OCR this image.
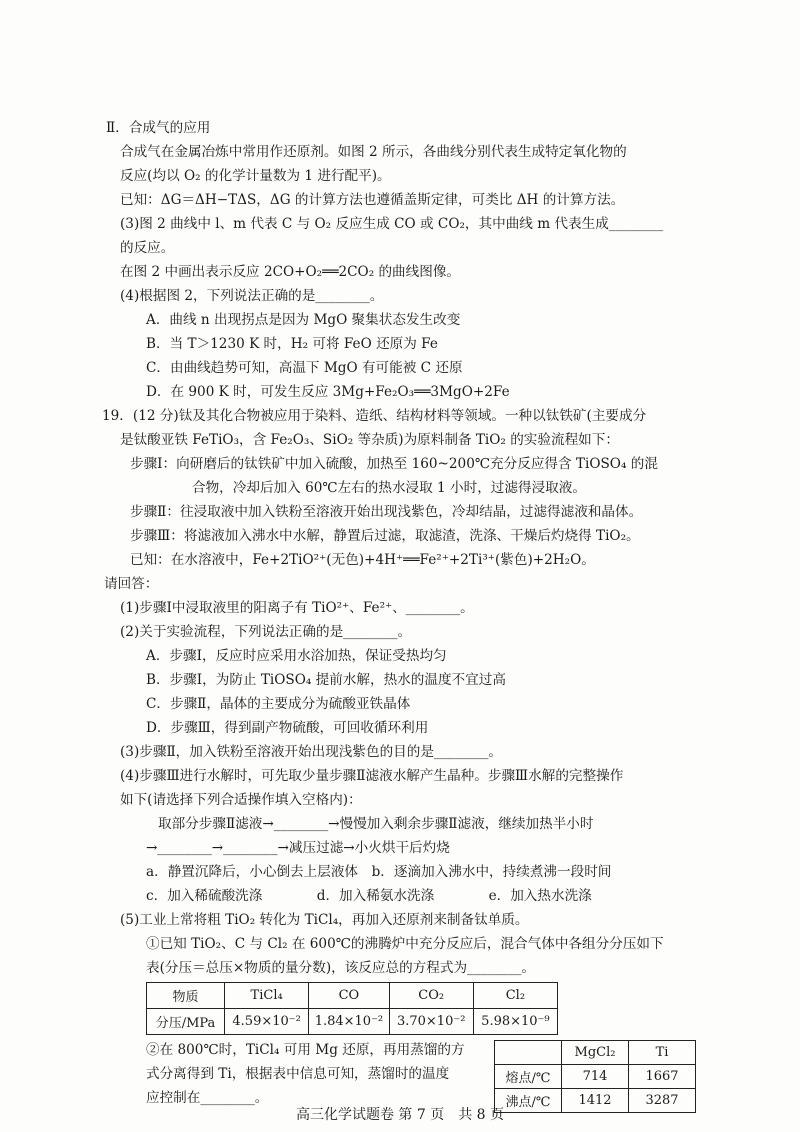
Ⅱ．合成气的应用
合成气在金属冶炼中常用作还原剂。如图 2 所示，各曲线分别代表生成特定氧化物的
反应(均以 O₂ 的化学计量数为 1 进行配平)。
已知：ΔG＝ΔH−TΔS，ΔG 的计算方法也遵循盖斯定律，可类比 ΔH 的计算方法。
(3)图 2 曲线中 l、m 代表 C 与 O₂ 反应生成 CO 或 CO₂，其中曲线 m 代表生成________
的反应。
在图 2 中画出表示反应 2CO+O₂══2CO₂ 的曲线图像。
(4)根据图 2，下列说法正确的是________。
A．曲线 n 出现拐点是因为 MgO 聚集状态发生改变
B．当 T＞1230 K 时，H₂ 可将 FeO 还原为 Fe
C．由曲线趋势可知，高温下 MgO 有可能被 C 还原
D．在 900 K 时，可发生反应 3Mg+Fe₂O₃══3MgO+2Fe
19．(12 分)钛及其化合物被应用于染料、造纸、结构材料等领域。一种以钛铁矿(主要成分
是钛酸亚铁 FeTiO₃，含 Fe₂O₃、SiO₂ 等杂质)为原料制备 TiO₂ 的实验流程如下：
步骤Ⅰ：向研磨后的钛铁矿中加入硫酸，加热至 160~200℃充分反应得含 TiOSO₄ 的混
合物，冷却后加入 60℃左右的热水浸取 1 小时，过滤得浸取液。
步骤Ⅱ：往浸取液中加入铁粉至溶液开始出现浅紫色，冷却结晶，过滤得滤液和晶体。
步骤Ⅲ：将滤液加入沸水中水解，静置后过滤，取滤渣，洗涤、干燥后灼烧得 TiO₂。
已知：在水溶液中，Fe+2TiO²⁺(无色)+4H⁺══Fe²⁺+2Ti³⁺(紫色)+2H₂O。
请回答：
(1)步骤Ⅰ中浸取液里的阳离子有 TiO²⁺、Fe²⁺、________。
(2)关于实验流程，下列说法正确的是________。
A．步骤Ⅰ，反应时应采用水浴加热，保证受热均匀
B．步骤Ⅰ，为防止 TiOSO₄ 提前水解，热水的温度不宜过高
C．步骤Ⅱ，晶体的主要成分为硫酸亚铁晶体
D．步骤Ⅲ，得到副产物硫酸，可回收循环利用
(3)步骤Ⅱ，加入铁粉至溶液开始出现浅紫色的目的是________。
(4)步骤Ⅲ进行水解时，可先取少量步骤Ⅱ滤液水解产生晶种。步骤Ⅲ水解的完整操作
如下(请选择下列合适操作填入空格内)：
取部分步骤Ⅱ滤液→________→慢慢加入剩余步骤Ⅱ滤液，继续加热半小时
→________→________→减压过滤→小火烘干后灼烧
a．静置沉降后，小心倒去上层液体　b．逐滴加入沸水中，持续煮沸一段时间
c．加入稀硫酸洗涤　　　　d．加入稀氨水洗涤　　　　e．加入热水洗涤
(5)工业上常将粗 TiO₂ 转化为 TiCl₄，再加入还原剂来制备钛单质。
①已知 TiO₂、C 与 Cl₂ 在 600℃的沸腾炉中充分反应后，混合气体中各组分分压如下
表(分压＝总压×物质的量分数)，该反应总的方程式为________。
物质	TiCl₄	CO	CO₂	Cl₂
分压/MPa	4.59×10⁻²	1.84×10⁻²	3.70×10⁻²	5.98×10⁻⁹
②在 800℃时，TiCl₄ 可用 Mg 还原，再用蒸馏的方
式分离得到 Ti，根据表中信息可知，蒸馏时的温度
应控制在________。
	MgCl₂	Ti
熔点/℃	714	1667
沸点/℃	1412	3287
高三化学试题卷 第 7 页　共 8 页
